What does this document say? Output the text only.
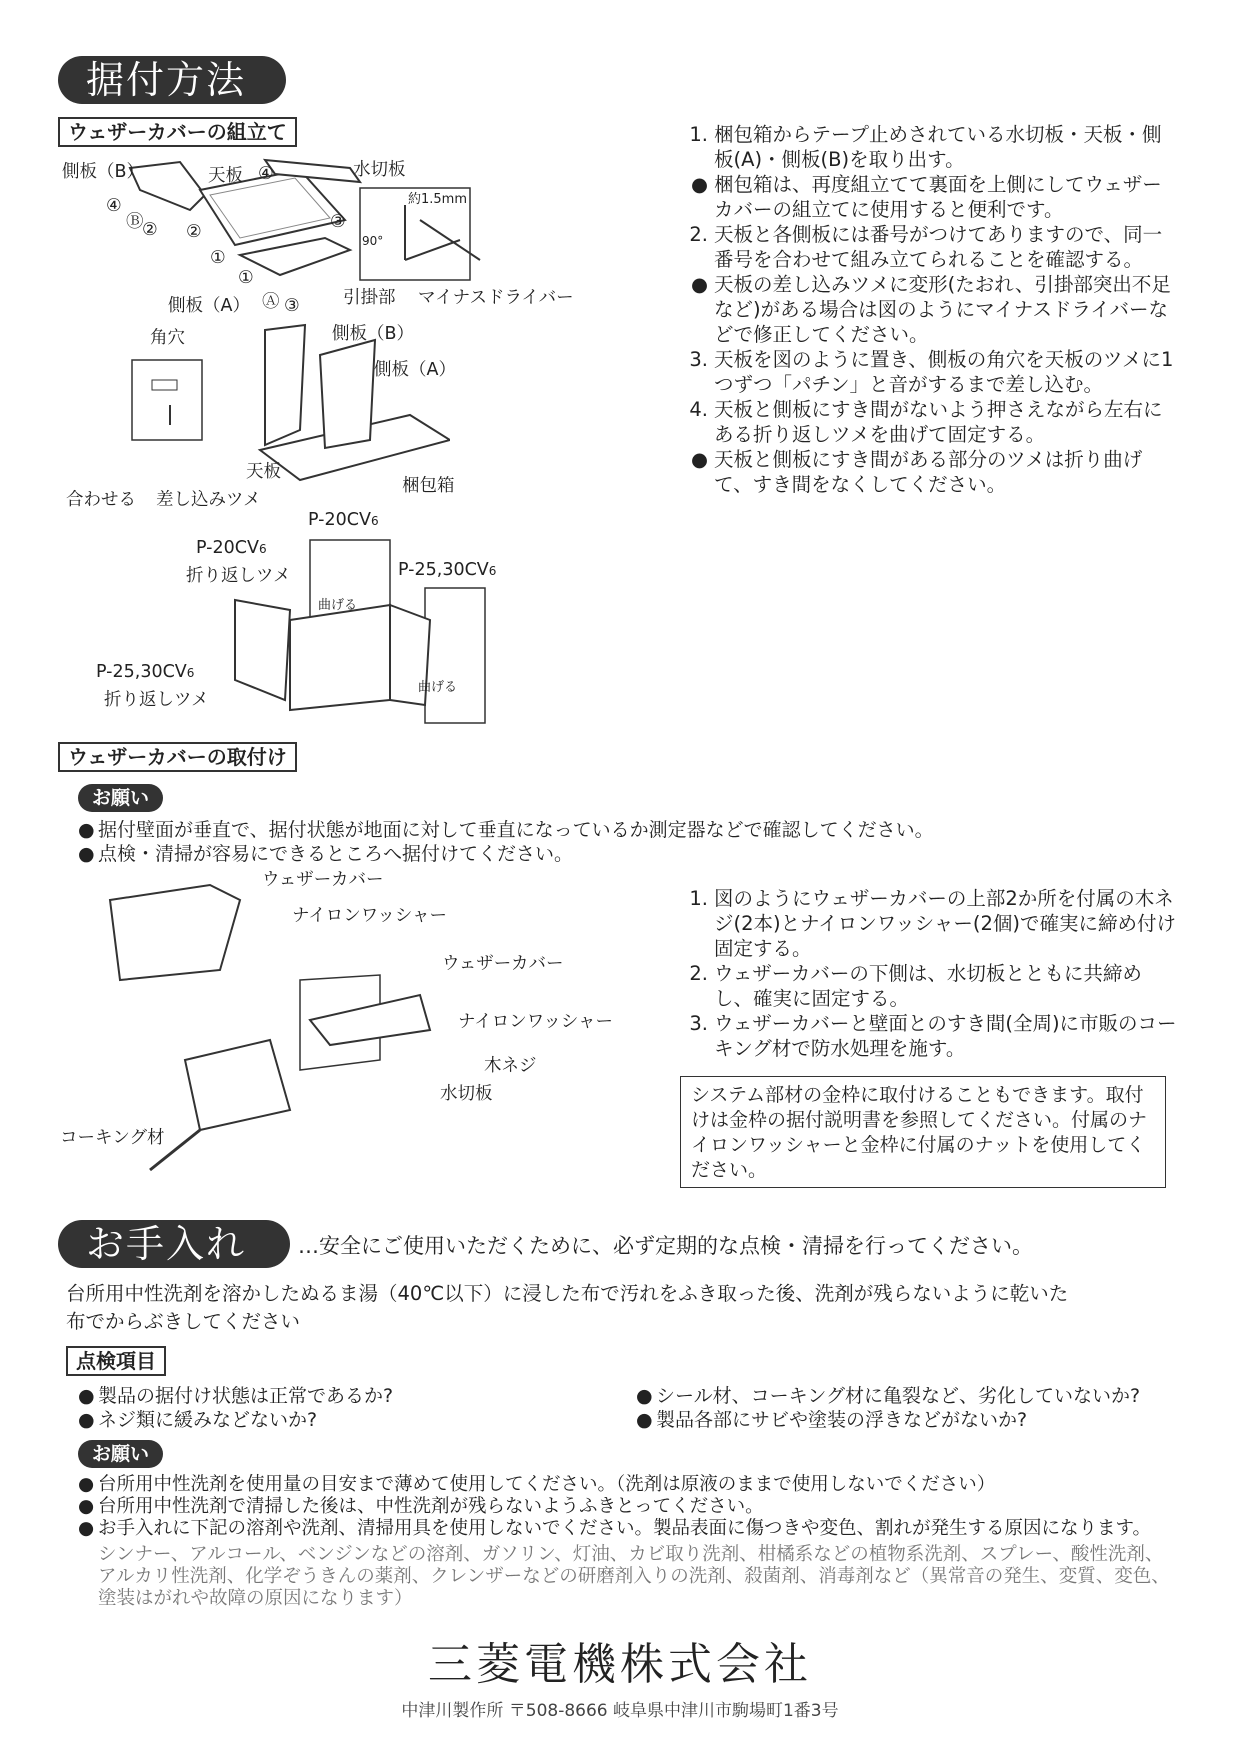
据付方法
ウェザーカバーの組立て	1. 梱包箱からテープ止めされている水切板・天板・側板(A)・側板(B)を取り出す。
● 梱包箱は、再度組立てて裏面を上側にしてウェザーカバーの組立てに使用すると便利です。
2. 天板と各側板には番号がつけてありますので、同一番号を合わせて組み立てられることを確認する。
● 天板の差し込みツメに変形(たおれ、引掛部突出不足など)がある場合は図のようにマイナスドライバーなどで修正してください。
3. 天板を図のように置き、側板の角穴を天板のツメに1つずつ「パチン」と音がするまで差し込む。
4. 天板と側板にすき間がないよう押さえながら左右にある折り返しツメを曲げて固定する。
● 天板と側板にすき間がある部分のツメは折り曲げて、すき間をなくしてください。
側板（B）	天板	水切板
約1.5mm
90°
引掛部 マイナスドライバー
側板（A）
④
Ⓑ
② ②
④
③
①
①
Ⓐ ③
角穴	側板（B）
側板（A）
天板
梱包箱
合わせる 差し込みツメ
P-20CV6
P-20CV6
折り返しツメ	P-25,30CV6
P-25,30CV6
折り返しツメ
曲げる
曲げる
ウェザーカバーの取付け
お願い
● 据付壁面が垂直で、据付状態が地面に対して垂直になっているか測定器などで確認してください。
● 点検・清掃が容易にできるところへ据付けてください。
1. 図のようにウェザーカバーの上部2か所を付属の木ネジ(2本)とナイロンワッシャー(2個)で確実に締め付け固定する。
2. ウェザーカバーの下側は、水切板とともに共締めし、確実に固定する。
3. ウェザーカバーと壁面とのすき間(全周)に市販のコーキング材で防水処理を施す。
ウェザーカバー
ナイロンワッシャー
ウェザーカバー
ナイロンワッシャー
木ネジ
水切板
コーキング材
システム部材の金枠に取付けることもできます。取付けは金枠の据付説明書を参照してください。付属のナイロンワッシャーと金枠に付属のナットを使用してください。
お手入れ	…安全にご使用いただくために、必ず定期的な点検・清掃を行ってください。
台所用中性洗剤を溶かしたぬるま湯（40℃以下）に浸した布で汚れをふき取った後、洗剤が残らないように乾いた
布でからぶきしてください
点検項目
● 製品の据付け状態は正常であるか?
● ネジ類に緩みなどないか?
● シール材、コーキング材に亀裂など、劣化していないか?
● 製品各部にサビや塗装の浮きなどがないか?
お願い
● 台所用中性洗剤を使用量の目安まで薄めて使用してください。（洗剤は原液のままで使用しないでください）
● 台所用中性洗剤で清掃した後は、中性洗剤が残らないようふきとってください。
● お手入れに下記の溶剤や洗剤、清掃用具を使用しないでください。製品表面に傷つきや変色、割れが発生する原因になります。
シンナー、アルコール、ベンジンなどの溶剤、ガソリン、灯油、カビ取り洗剤、柑橘系などの植物系洗剤、スプレー、酸性洗剤、アルカリ性洗剤、化学ぞうきんの薬剤、クレンザーなどの研磨剤入りの洗剤、殺菌剤、消毒剤など（異常音の発生、変質、変色、塗装はがれや故障の原因になります）
三菱電機株式会社
中津川製作所 〒508-8666 岐阜県中津川市駒場町1番3号
